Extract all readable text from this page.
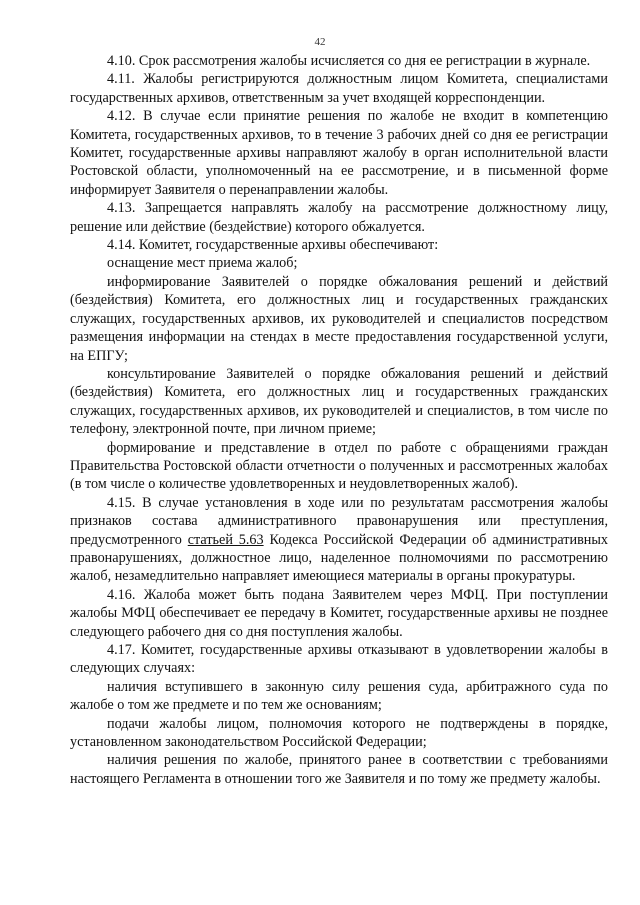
42

4.10. Срок рассмотрения жалобы исчисляется со дня ее регистрации в журнале.

4.11. Жалобы регистрируются должностным лицом Комитета, специалистами государственных архивов, ответственным за учет входящей корреспонденции.

4.12. В случае если принятие решения по жалобе не входит в компетенцию Комитета, государственных архивов, то в течение 3 рабочих дней со дня ее регистрации Комитет, государственные архивы направляют жалобу в орган исполнительной власти Ростовской области, уполномоченный на ее рассмотрение, и в письменной форме информирует Заявителя о перенаправлении жалобы.

4.13. Запрещается направлять жалобу на рассмотрение должностному лицу, решение или действие (бездействие) которого обжалуется.

4.14. Комитет, государственные архивы обеспечивают:

оснащение мест приема жалоб;

информирование Заявителей о порядке обжалования решений и действий (бездействия) Комитета, его должностных лиц и государственных гражданских служащих, государственных архивов, их руководителей и специалистов посредством размещения информации на стендах в месте предоставления государственной услуги, на ЕПГУ;

консультирование Заявителей о порядке обжалования решений и действий (бездействия) Комитета, его должностных лиц и государственных гражданских служащих, государственных архивов, их руководителей и специалистов, в том числе по телефону, электронной почте, при личном приеме;

формирование и представление в отдел по работе с обращениями граждан Правительства Ростовской области отчетности о полученных и рассмотренных жалобах (в том числе о количестве удовлетворенных и неудовлетворенных жалоб).

4.15. В случае установления в ходе или по результатам рассмотрения жалобы признаков состава административного правонарушения или преступления, предусмотренного статьей 5.63 Кодекса Российской Федерации об административных правонарушениях, должностное лицо, наделенное полномочиями по рассмотрению жалоб, незамедлительно направляет имеющиеся материалы в органы прокуратуры.

4.16. Жалоба может быть подана Заявителем через МФЦ. При поступлении жалобы МФЦ обеспечивает ее передачу в Комитет, государственные архивы не позднее следующего рабочего дня со дня поступления жалобы.

4.17. Комитет, государственные архивы отказывают в удовлетворении жалобы в следующих случаях:

наличия вступившего в законную силу решения суда, арбитражного суда по жалобе о том же предмете и по тем же основаниям;

подачи жалобы лицом, полномочия которого не подтверждены в порядке, установленном законодательством Российской Федерации;

наличия решения по жалобе, принятого ранее в соответствии с требованиями настоящего Регламента в отношении того же Заявителя и по тому же предмету жалобы.
